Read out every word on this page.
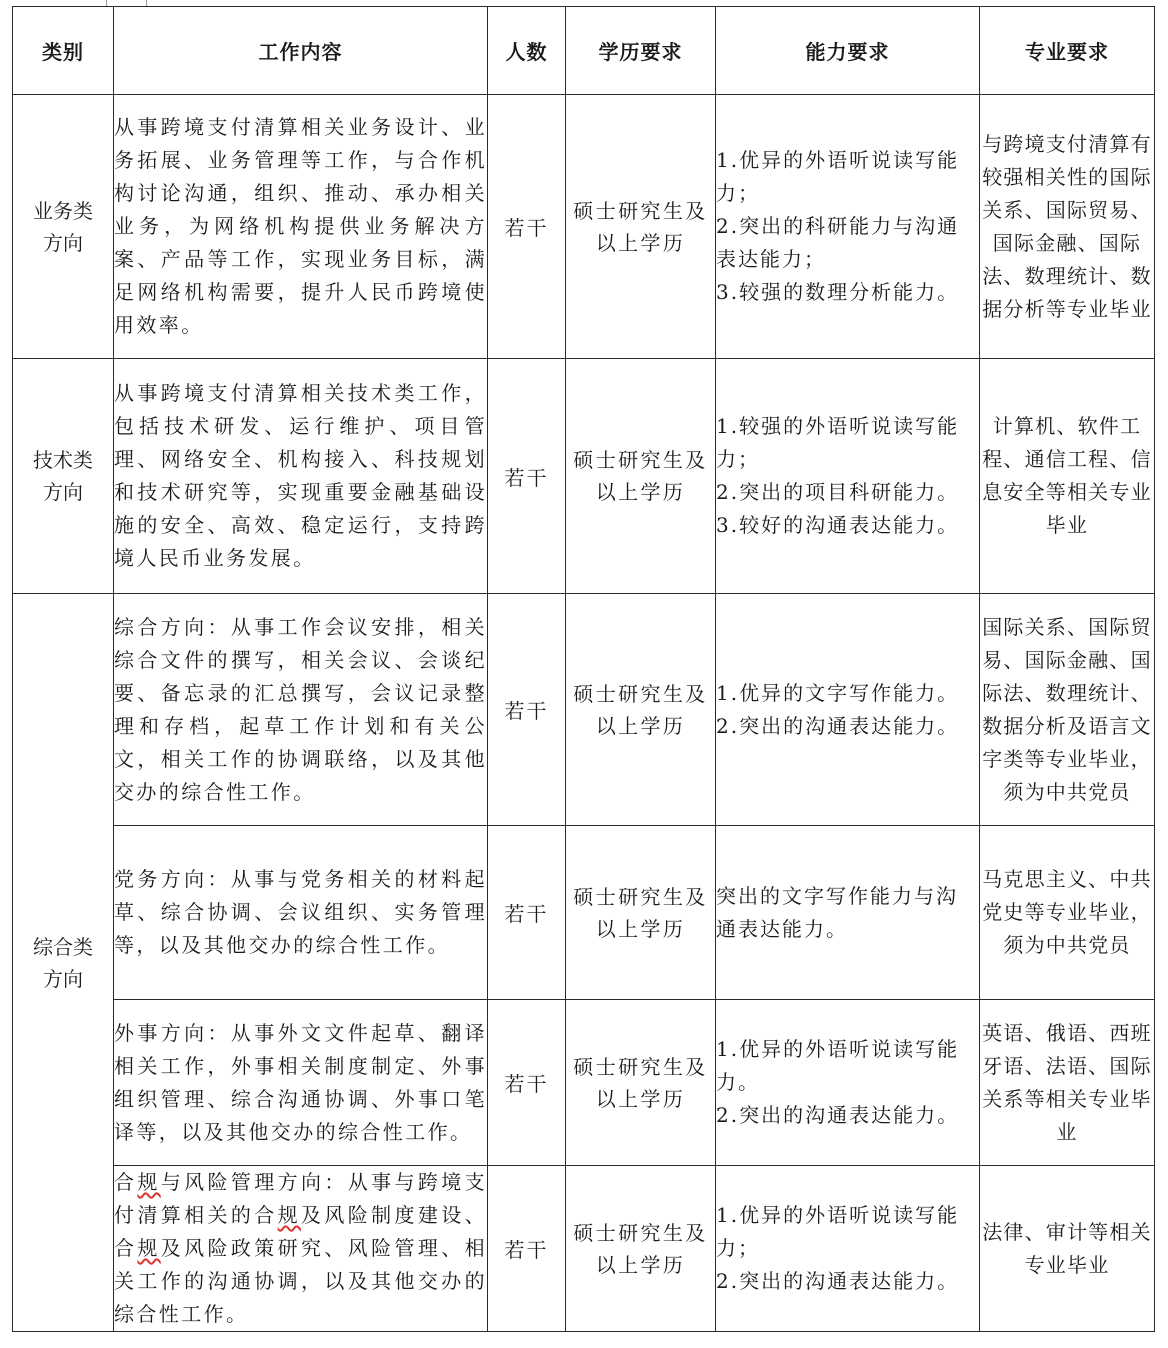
类别	工作内容	人数	学历要求	能力要求	专业要求

业务类方向	从事跨境支付清算相关业务设计、业务拓展、业务管理等工作，与合作机构讨论沟通，组织、推动、承办相关业务，为网络机构提供业务解决方案、产品等工作，实现业务目标，满足网络机构需要，提升人民币跨境使用效率。	若干	硕士研究生及以上学历	1.优异的外语听说读写能力；
2.突出的科研能力与沟通表达能力；
3.较强的数理分析能力。	与跨境支付清算有较强相关性的国际关系、国际贸易、国际金融、国际法、数理统计、数据分析等专业毕业

技术类方向	从事跨境支付清算相关技术类工作，包括技术研发、运行维护、项目管理、网络安全、机构接入、科技规划和技术研究等，实现重要金融基础设施的安全、高效、稳定运行，支持跨境人民币业务发展。	若干	硕士研究生及以上学历	1.较强的外语听说读写能力；
2.突出的项目科研能力。
3.较好的沟通表达能力。	计算机、软件工程、通信工程、信息安全等相关专业毕业

综合类方向	综合方向：从事工作会议安排，相关综合文件的撰写，相关会议、会谈纪要、备忘录的汇总撰写，会议记录整理和存档，起草工作计划和有关公文，相关工作的协调联络，以及其他交办的综合性工作。	若干	硕士研究生及以上学历	1.优异的文字写作能力。
2.突出的沟通表达能力。	国际关系、国际贸易、国际金融、国际法、数理统计、数据分析及语言文字类等专业毕业，须为中共党员
	党务方向：从事与党务相关的材料起草、综合协调、会议组织、实务管理等，以及其他交办的综合性工作。	若干	硕士研究生及以上学历	突出的文字写作能力与沟通表达能力。	马克思主义、中共党史等专业毕业，须为中共党员
	外事方向：从事外文文件起草、翻译相关工作，外事相关制度制定、外事组织管理、综合沟通协调、外事口笔译等，以及其他交办的综合性工作。	若干	硕士研究生及以上学历	1.优异的外语听说读写能力。
2.突出的沟通表达能力。	英语、俄语、西班牙语、法语、国际关系等相关专业毕业
	合规与风险管理方向：从事与跨境支付清算相关的合规及风险制度建设、合规及风险政策研究、风险管理、相关工作的沟通协调，以及其他交办的综合性工作。	若干	硕士研究生及以上学历	1.优异的外语听说读写能力；
2.突出的沟通表达能力。	法律、审计等相关专业毕业
